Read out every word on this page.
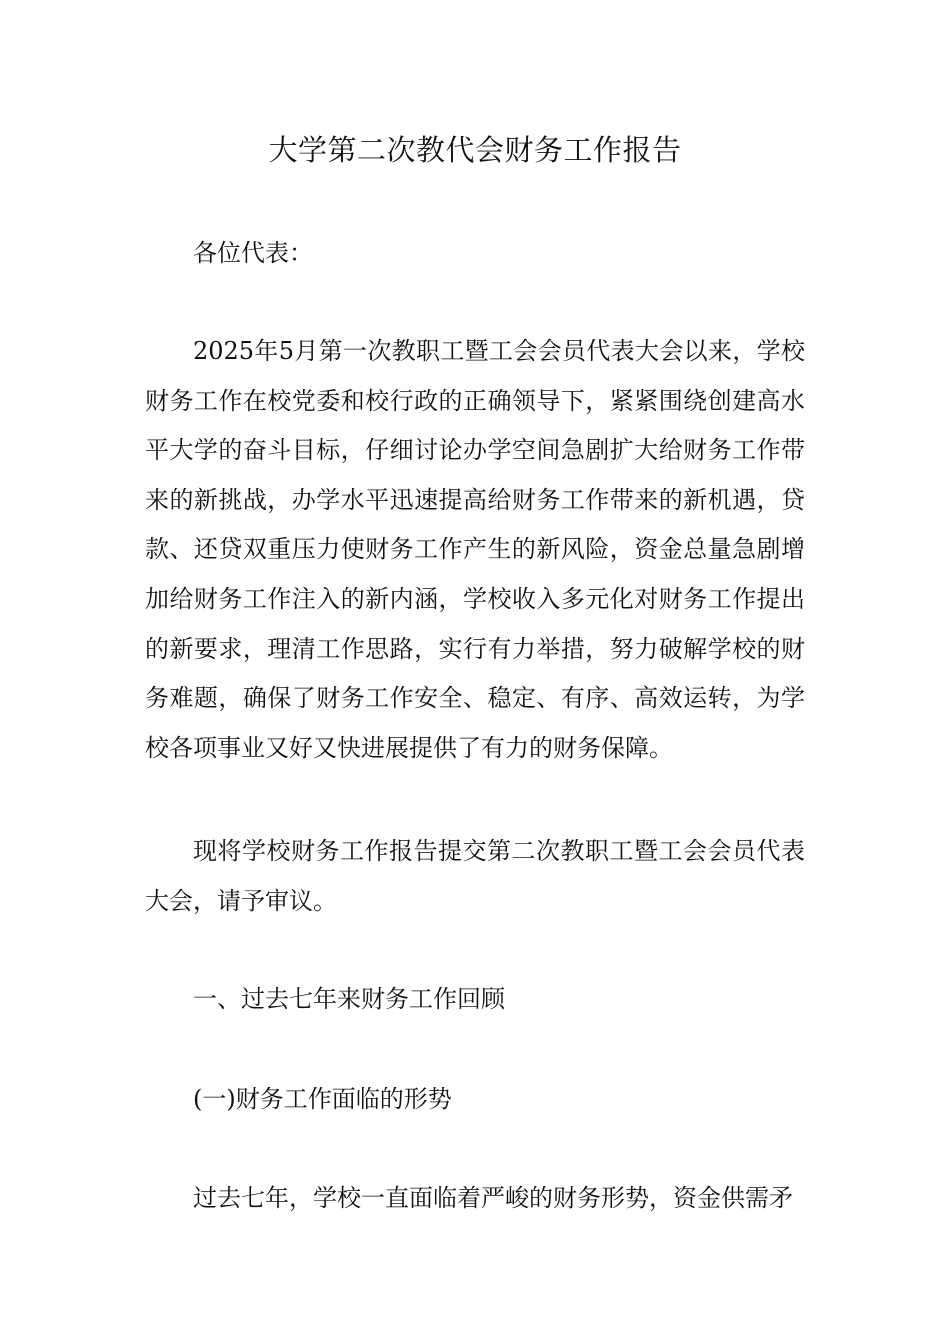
大学第二次教代会财务工作报告

各位代表：

2025年5月第一次教职工暨工会会员代表大会以来，学校财务工作在校党委和校行政的正确领导下，紧紧围绕创建高水平大学的奋斗目标，仔细讨论办学空间急剧扩大给财务工作带来的新挑战，办学水平迅速提高给财务工作带来的新机遇，贷款、还贷双重压力使财务工作产生的新风险，资金总量急剧增加给财务工作注入的新内涵，学校收入多元化对财务工作提出的新要求，理清工作思路，实行有力举措，努力破解学校的财务难题，确保了财务工作安全、稳定、有序、高效运转，为学校各项事业又好又快进展提供了有力的财务保障。

现将学校财务工作报告提交第二次教职工暨工会会员代表大会，请予审议。

一、过去七年来财务工作回顾

(一)财务工作面临的形势

过去七年，学校一直面临着严峻的财务形势，资金供需矛
